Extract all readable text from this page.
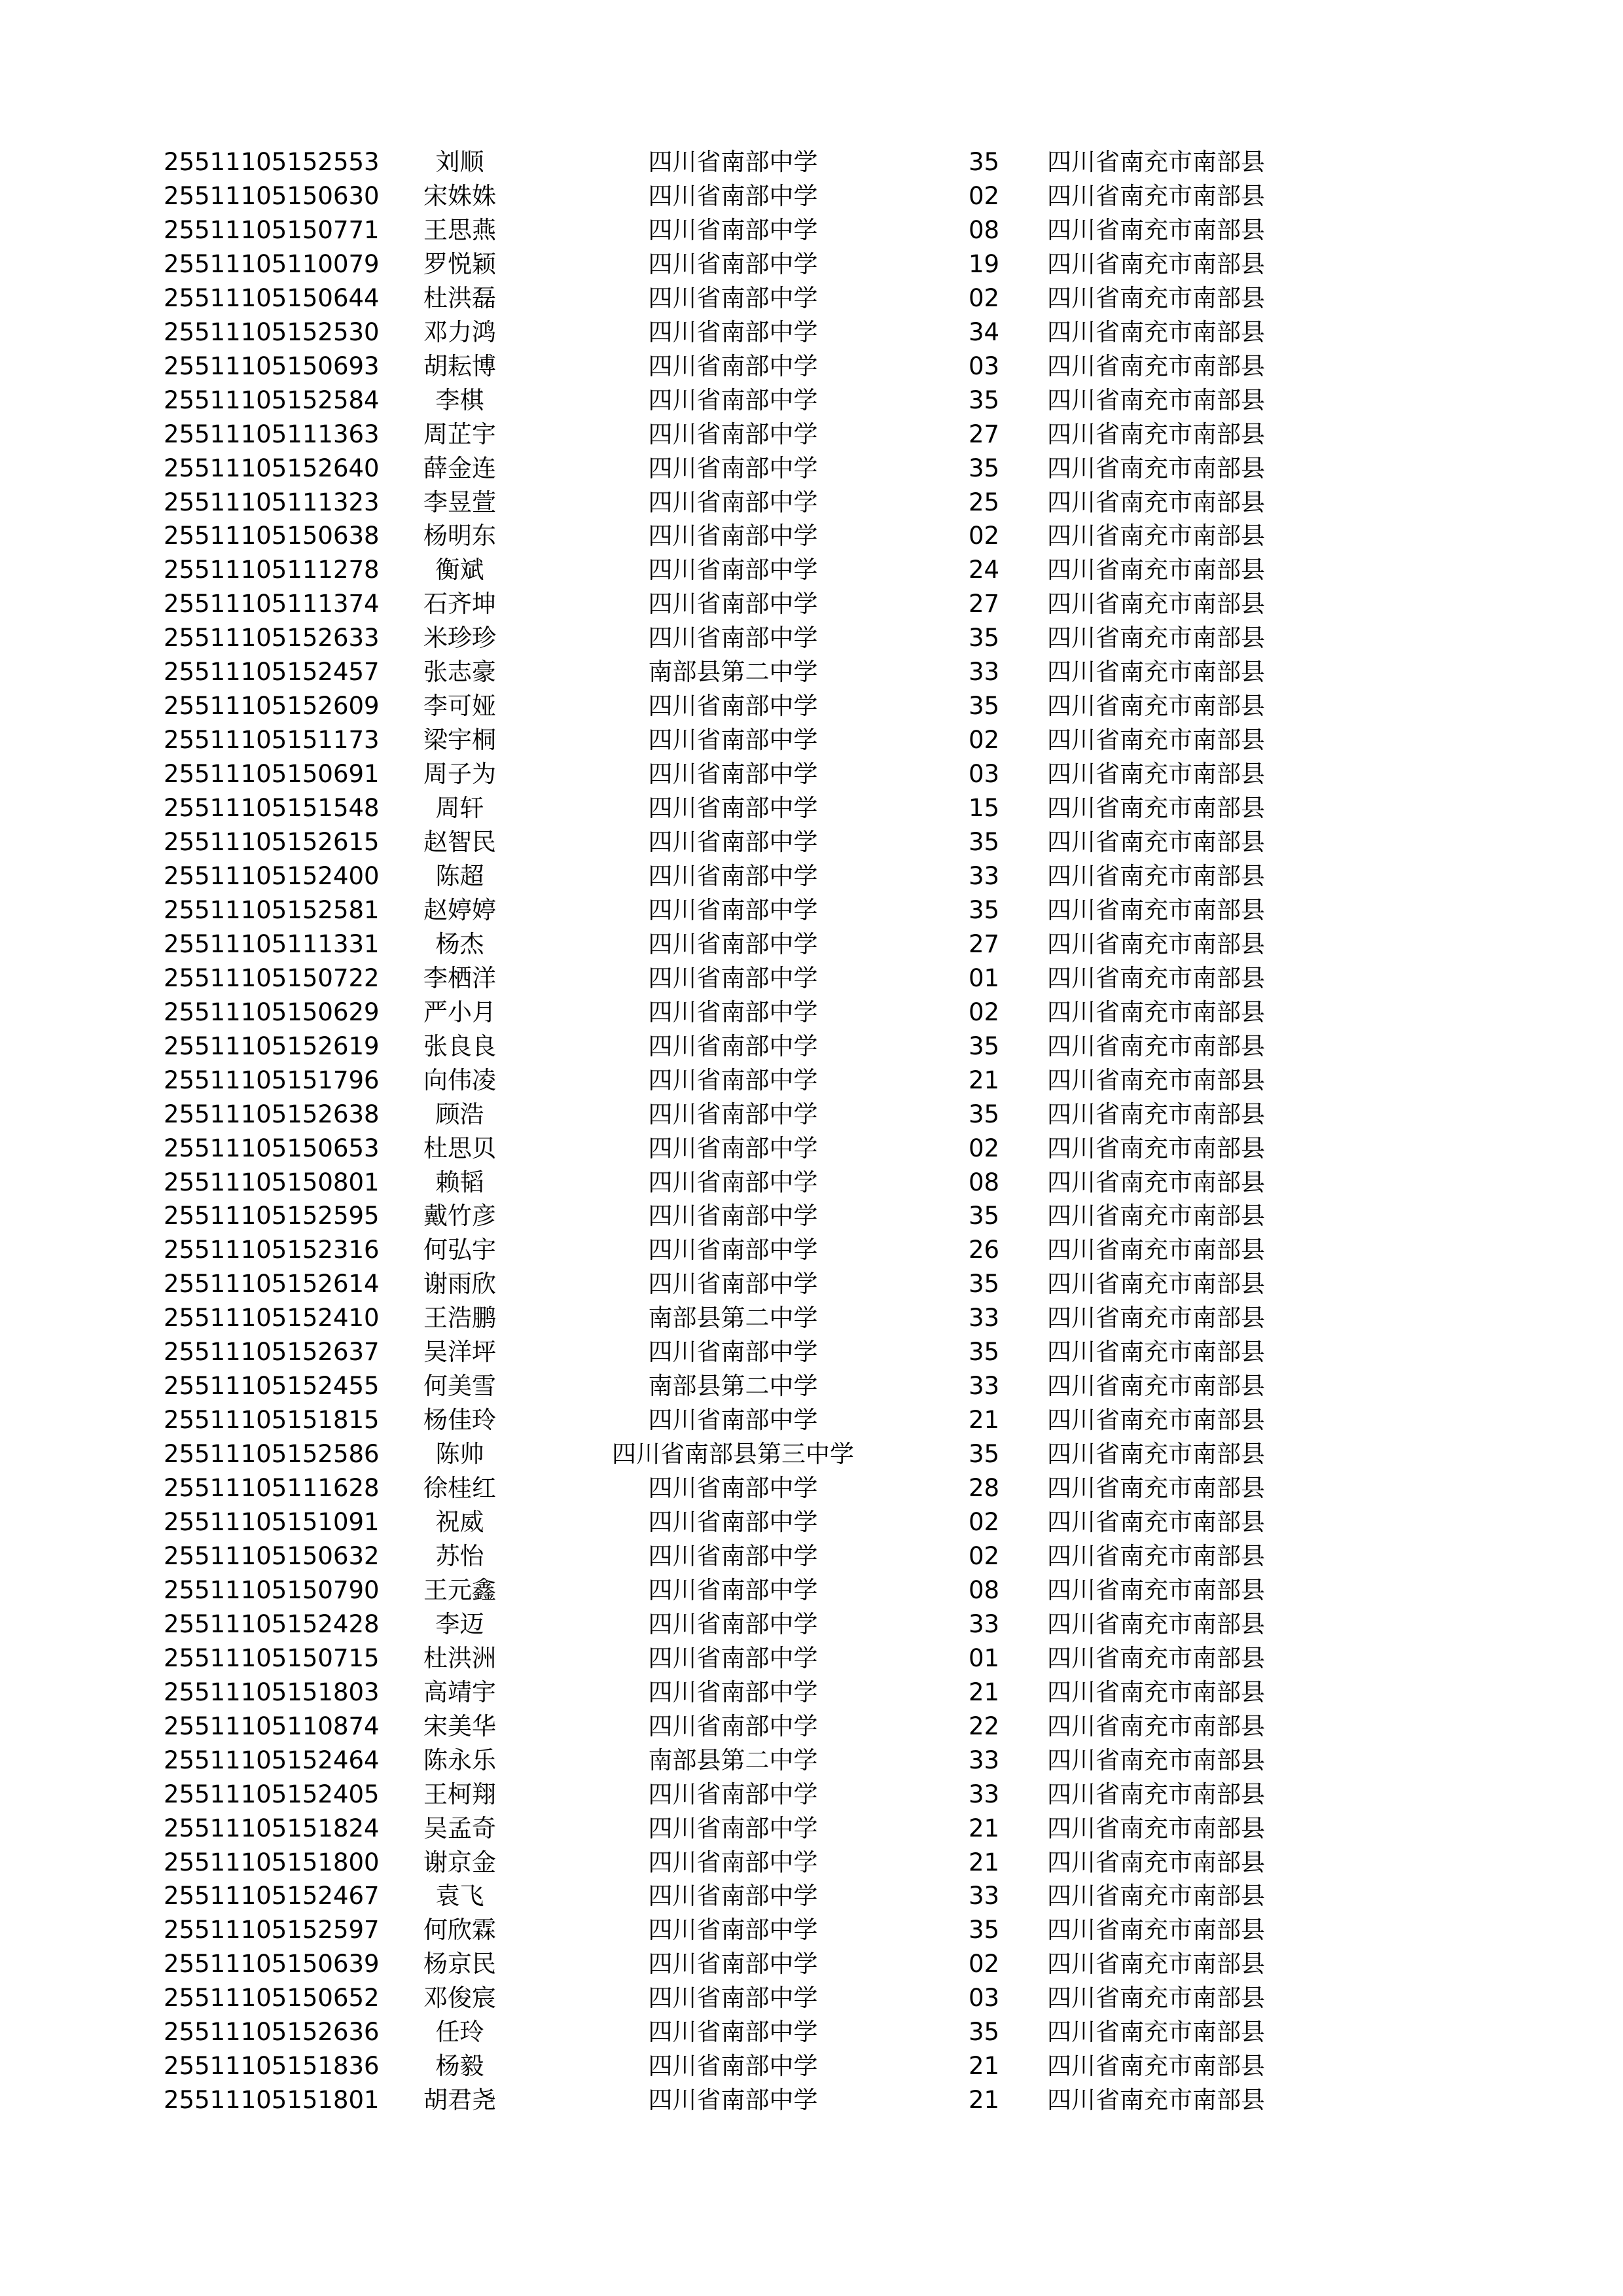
25511105152553	刘顺	四川省南部中学	35	四川省南充市南部县
25511105150630	宋姝姝	四川省南部中学	02	四川省南充市南部县
25511105150771	王思燕	四川省南部中学	08	四川省南充市南部县
25511105110079	罗悦颖	四川省南部中学	19	四川省南充市南部县
25511105150644	杜洪磊	四川省南部中学	02	四川省南充市南部县
25511105152530	邓力鸿	四川省南部中学	34	四川省南充市南部县
25511105150693	胡耘博	四川省南部中学	03	四川省南充市南部县
25511105152584	李棋	四川省南部中学	35	四川省南充市南部县
25511105111363	周芷宇	四川省南部中学	27	四川省南充市南部县
25511105152640	薛金连	四川省南部中学	35	四川省南充市南部县
25511105111323	李昱萱	四川省南部中学	25	四川省南充市南部县
25511105150638	杨明东	四川省南部中学	02	四川省南充市南部县
25511105111278	衡斌	四川省南部中学	24	四川省南充市南部县
25511105111374	石齐坤	四川省南部中学	27	四川省南充市南部县
25511105152633	米珍珍	四川省南部中学	35	四川省南充市南部县
25511105152457	张志豪	南部县第二中学	33	四川省南充市南部县
25511105152609	李可娅	四川省南部中学	35	四川省南充市南部县
25511105151173	梁宇桐	四川省南部中学	02	四川省南充市南部县
25511105150691	周子为	四川省南部中学	03	四川省南充市南部县
25511105151548	周轩	四川省南部中学	15	四川省南充市南部县
25511105152615	赵智民	四川省南部中学	35	四川省南充市南部县
25511105152400	陈超	四川省南部中学	33	四川省南充市南部县
25511105152581	赵婷婷	四川省南部中学	35	四川省南充市南部县
25511105111331	杨杰	四川省南部中学	27	四川省南充市南部县
25511105150722	李栖洋	四川省南部中学	01	四川省南充市南部县
25511105150629	严小月	四川省南部中学	02	四川省南充市南部县
25511105152619	张良良	四川省南部中学	35	四川省南充市南部县
25511105151796	向伟凌	四川省南部中学	21	四川省南充市南部县
25511105152638	顾浩	四川省南部中学	35	四川省南充市南部县
25511105150653	杜思贝	四川省南部中学	02	四川省南充市南部县
25511105150801	赖韬	四川省南部中学	08	四川省南充市南部县
25511105152595	戴竹彦	四川省南部中学	35	四川省南充市南部县
25511105152316	何弘宇	四川省南部中学	26	四川省南充市南部县
25511105152614	谢雨欣	四川省南部中学	35	四川省南充市南部县
25511105152410	王浩鹏	南部县第二中学	33	四川省南充市南部县
25511105152637	吴洋坪	四川省南部中学	35	四川省南充市南部县
25511105152455	何美雪	南部县第二中学	33	四川省南充市南部县
25511105151815	杨佳玲	四川省南部中学	21	四川省南充市南部县
25511105152586	陈帅	四川省南部县第三中学	35	四川省南充市南部县
25511105111628	徐桂红	四川省南部中学	28	四川省南充市南部县
25511105151091	祝威	四川省南部中学	02	四川省南充市南部县
25511105150632	苏怡	四川省南部中学	02	四川省南充市南部县
25511105150790	王元鑫	四川省南部中学	08	四川省南充市南部县
25511105152428	李迈	四川省南部中学	33	四川省南充市南部县
25511105150715	杜洪洲	四川省南部中学	01	四川省南充市南部县
25511105151803	高靖宇	四川省南部中学	21	四川省南充市南部县
25511105110874	宋美华	四川省南部中学	22	四川省南充市南部县
25511105152464	陈永乐	南部县第二中学	33	四川省南充市南部县
25511105152405	王柯翔	四川省南部中学	33	四川省南充市南部县
25511105151824	吴孟奇	四川省南部中学	21	四川省南充市南部县
25511105151800	谢京金	四川省南部中学	21	四川省南充市南部县
25511105152467	袁飞	四川省南部中学	33	四川省南充市南部县
25511105152597	何欣霖	四川省南部中学	35	四川省南充市南部县
25511105150639	杨京民	四川省南部中学	02	四川省南充市南部县
25511105150652	邓俊宸	四川省南部中学	03	四川省南充市南部县
25511105152636	任玲	四川省南部中学	35	四川省南充市南部县
25511105151836	杨毅	四川省南部中学	21	四川省南充市南部县
25511105151801	胡君尧	四川省南部中学	21	四川省南充市南部县
